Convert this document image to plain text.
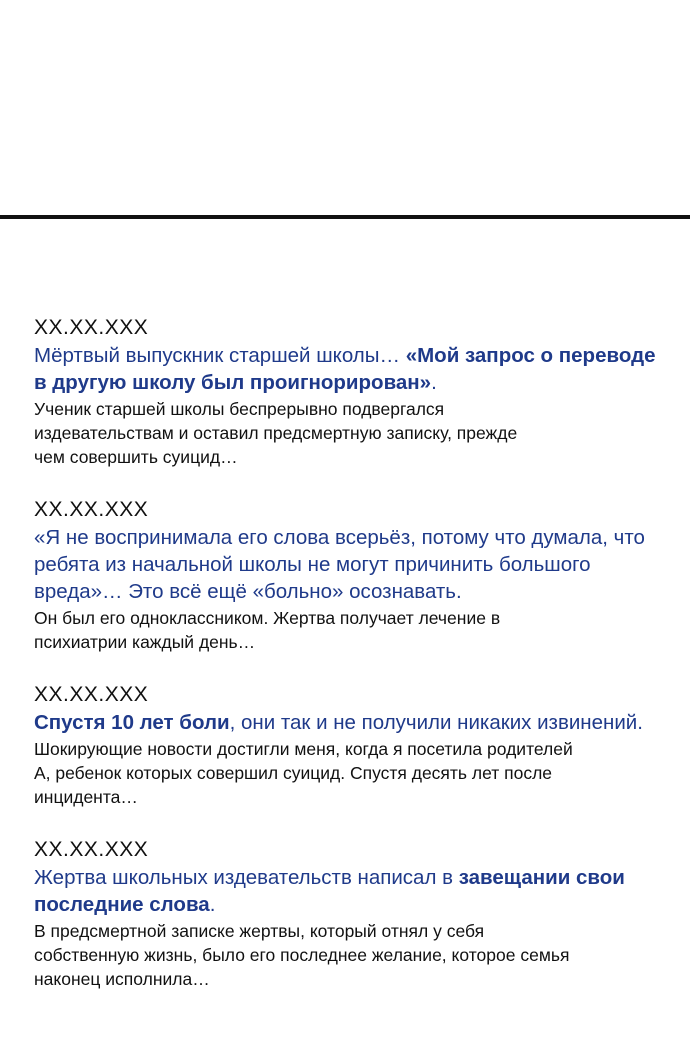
XX.XX.XXX
Мёртвый выпускник старшей школы… «Мой запрос о переводе в другую школу был проигнорирован».
Ученик старшей школы беспрерывно подвергался
издевательствам и оставил предсмертную записку, прежде
чем совершить суицид…
XX.XX.XXX
«Я не воспринимала его слова всерьёз, потому что думала, что ребята из начальной школы не могут причинить большого вреда»… Это всё ещё «больно» осознавать.
Он был его одноклассником. Жертва получает лечение в
психиатрии каждый день…
XX.XX.XXX
Спустя 10 лет боли, они так и не получили никаких извинений.
Шокирующие новости достигли меня, когда я посетила родителей
А, ребенок которых совершил суицид. Спустя десять лет после
инцидента…
XX.XX.XXX
Жертва школьных издевательств написал в завещании свои последние слова.
В предсмертной записке жертвы, который отнял у себя
собственную жизнь, было его последнее желание, которое семья
наконец исполнила…
